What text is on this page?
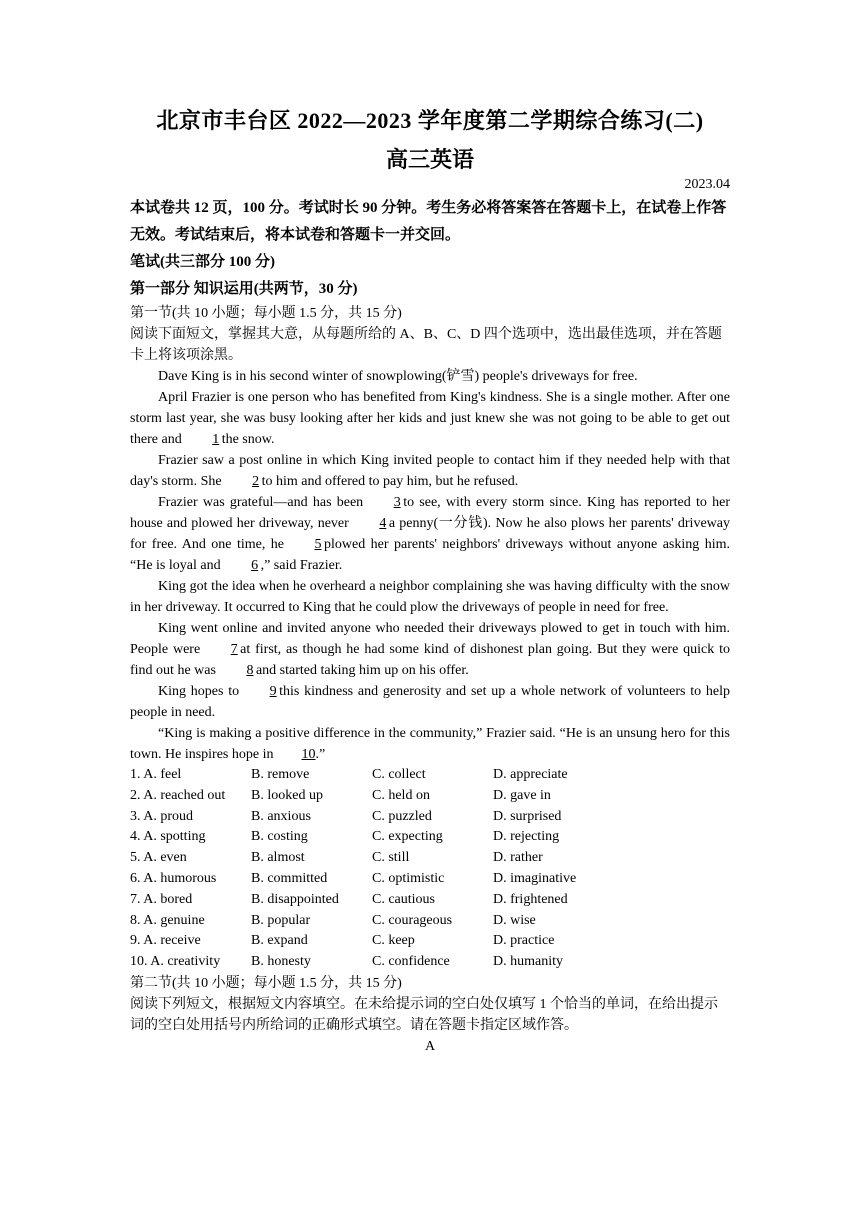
北京市丰台区 2022—2023 学年度第二学期综合练习(二)
高三英语
2023.04
本试卷共 12 页，100 分。考试时长 90 分钟。考生务必将答案答在答题卡上，在试卷上作答无效。考试结束后，将本试卷和答题卡一并交回。
笔试(共三部分 100 分)
第一部分 知识运用(共两节，30 分)
第一节(共 10 小题；每小题 1.5 分，共 15 分)
阅读下面短文，掌握其大意，从每题所给的 A、B、C、D 四个选项中，选出最佳选项，并在答题卡上将该项涂黑。

Dave King is in his second winter of snowplowing(铲雪) people's driveways for free.

April Frazier is one person who has benefited from King's kindness. She is a single mother. After one storm last year, she was busy looking after her kids and just knew she was not going to be able to get out there and 1 the snow.

Frazier saw a post online in which King invited people to contact him if they needed help with that day's storm. She 2 to him and offered to pay him, but he refused.

Frazier was grateful—and has been 3 to see, with every storm since. King has reported to her house and plowed her driveway, never 4 a penny(一分钱). Now he also plows her parents' driveway for free. And one time, he 5 plowed her parents' neighbors' driveways without anyone asking him. “He is loyal and 6 ,” said Frazier.

King got the idea when he overheard a neighbor complaining she was having difficulty with the snow in her driveway. It occurred to King that he could plow the driveways of people in need for free.

King went online and invited anyone who needed their driveways plowed to get in touch with him. People were 7 at first, as though he had some kind of dishonest plan going. But they were quick to find out he was 8 and started taking him up on his offer.

King hopes to 9 this kindness and generosity and set up a whole network of volunteers to help people in need.

“King is making a positive difference in the community,” Frazier said. “He is an unsung hero for this town. He inspires hope in 10.”

1. A. feel	B. remove	C. collect	D. appreciate
2. A. reached out	B. looked up	C. held on	D. gave in
3. A. proud	B. anxious	C. puzzled	D. surprised
4. A. spotting	B. costing	C. expecting	D. rejecting
5. A. even	B. almost	C. still	D. rather
6. A. humorous	B. committed	C. optimistic	D. imaginative
7. A. bored	B. disappointed	C. cautious	D. frightened
8. A. genuine	B. popular	C. courageous	D. wise
9. A. receive	B. expand	C. keep	D. practice
10. A. creativity	B. honesty	C. confidence	D. humanity
第二节(共 10 小题；每小题 1.5 分，共 15 分)
阅读下列短文，根据短文内容填空。在未给提示词的空白处仅填写 1 个恰当的单词，在给出提示词的空白处用括号内所给词的正确形式填空。请在答题卡指定区域作答。
A
